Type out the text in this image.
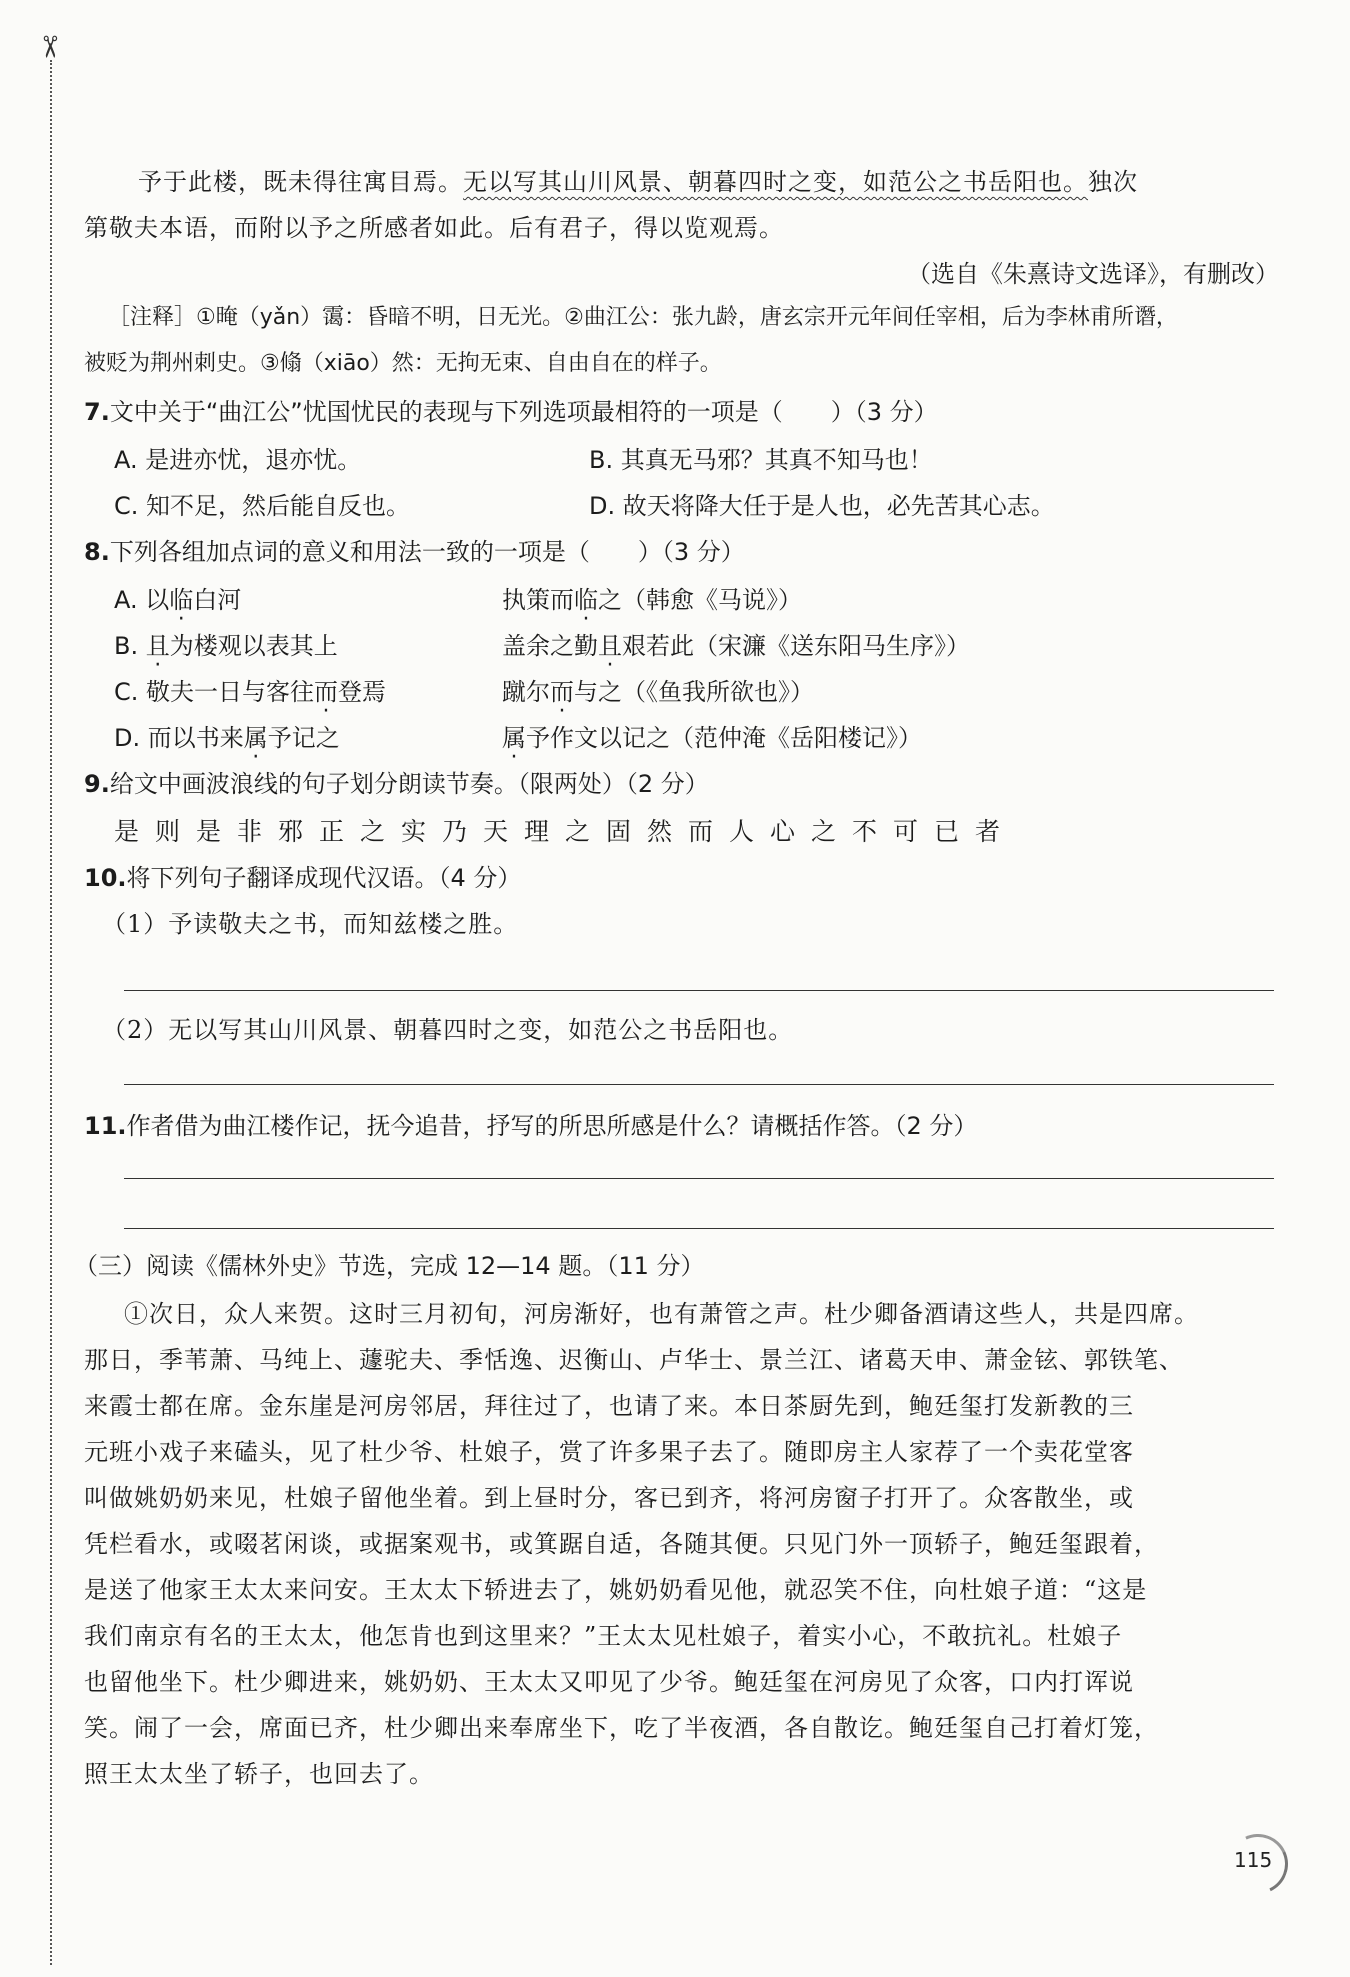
✂
予于此楼，既未得往寓目焉。无以写其山川风景、朝暮四时之变，如范公之书岳阳也。独次
第敬夫本语，而附以予之所感者如此。后有君子，得以览观焉。
（选自《朱熹诗文选译》，有删改）
［注释］①晻（yǎn）霭：昏暗不明，日无光。②曲江公：张九龄，唐玄宗开元年间任宰相，后为李林甫所谮，
被贬为荆州刺史。③翛（xiāo）然：无拘无束、自由自在的样子。
7.文中关于“曲江公”忧国忧民的表现与下列选项最相符的一项是（　　）（3 分）
A. 是进亦忧，退亦忧。	B. 其真无马邪？其真不知马也！
C. 知不足，然后能自反也。	D. 故天将降大任于是人也，必先苦其心志。
8.下列各组加点词的意义和用法一致的一项是（　　）（3 分）
A. 以临白河	执策而临之（韩愈《马说》）
B. 且为楼观以表其上	盖余之勤且艰若此（宋濂《送东阳马生序》）
C. 敬夫一日与客往而登焉	蹴尔而与之（《鱼我所欲也》）
D. 而以书来属予记之	属予作文以记之（范仲淹《岳阳楼记》）
9.给文中画波浪线的句子划分朗读节奏。（限两处）（2 分）
是则是非邪正之实乃天理之固然而人心之不可已者
10.将下列句子翻译成现代汉语。（4 分）
（1）予读敬夫之书，而知兹楼之胜。
（2）无以写其山川风景、朝暮四时之变，如范公之书岳阳也。
11.作者借为曲江楼作记，抚今追昔，抒写的所思所感是什么？请概括作答。（2 分）
（三）阅读《儒林外史》节选，完成 12—14 题。（11 分）
①次日，众人来贺。这时三月初旬，河房渐好，也有萧管之声。杜少卿备酒请这些人，共是四席。
那日，季苇萧、马纯上、蘧驼夫、季恬逸、迟衡山、卢华士、景兰江、诸葛天申、萧金铉、郭铁笔、
来霞士都在席。金东崖是河房邻居，拜往过了，也请了来。本日茶厨先到，鲍廷玺打发新教的三
元班小戏子来磕头，见了杜少爷、杜娘子，赏了许多果子去了。随即房主人家荐了一个卖花堂客
叫做姚奶奶来见，杜娘子留他坐着。到上昼时分，客已到齐，将河房窗子打开了。众客散坐，或
凭栏看水，或啜茗闲谈，或据案观书，或箕踞自适，各随其便。只见门外一顶轿子，鲍廷玺跟着，
是送了他家王太太来问安。王太太下轿进去了，姚奶奶看见他，就忍笑不住，向杜娘子道：“这是
我们南京有名的王太太，他怎肯也到这里来？”王太太见杜娘子，着实小心，不敢抗礼。杜娘子
也留他坐下。杜少卿进来，姚奶奶、王太太又叩见了少爷。鲍廷玺在河房见了众客，口内打诨说
笑。闹了一会，席面已齐，杜少卿出来奉席坐下，吃了半夜酒，各自散讫。鲍廷玺自己打着灯笼，
照王太太坐了轿子，也回去了。
115
